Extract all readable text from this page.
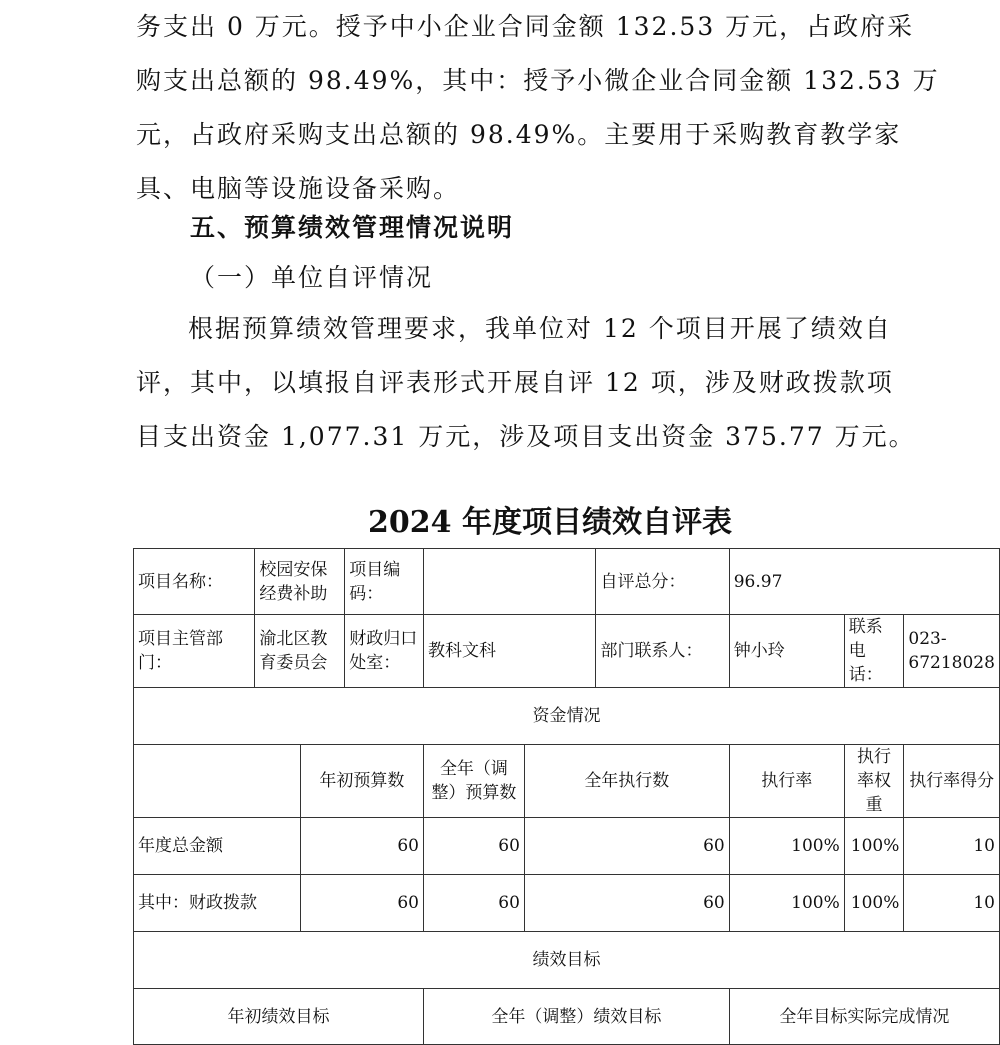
务支出 0 万元。授予中小企业合同金额 132.53 万元，占政府采
购支出总额的 98.49%，其中：授予小微企业合同金额 132.53 万
元，占政府采购支出总额的 98.49%。主要用于采购教育教学家
具、电脑等设施设备采购。
五、预算绩效管理情况说明
（一）单位自评情况
根据预算绩效管理要求，我单位对 12 个项目开展了绩效自
评，其中，以填报自评表形式开展自评 12 项，涉及财政拨款项
目支出资金 1,077.31 万元，涉及项目支出资金 375.77 万元。
2024 年度项目绩效自评表
项目名称：	校园安保经费补助		项目编码：			自评总分：	96.97		
项目主管部门：	渝北区教育委员会		财政归口处室：	教科文科		部门联系人：	钟小玲	联系电话：	023-67218028
资金情况									
		年初预算数		全年（调整）预算数	全年执行数		执行率	执行率权重	执行率得分
年度总金额		60		60	60		100%	100%	10
其中：财政拨款		60		60	60		100%	100%	10
绩效目标									
年初绩效目标				全年（调整）绩效目标			全年目标实际完成情况		
